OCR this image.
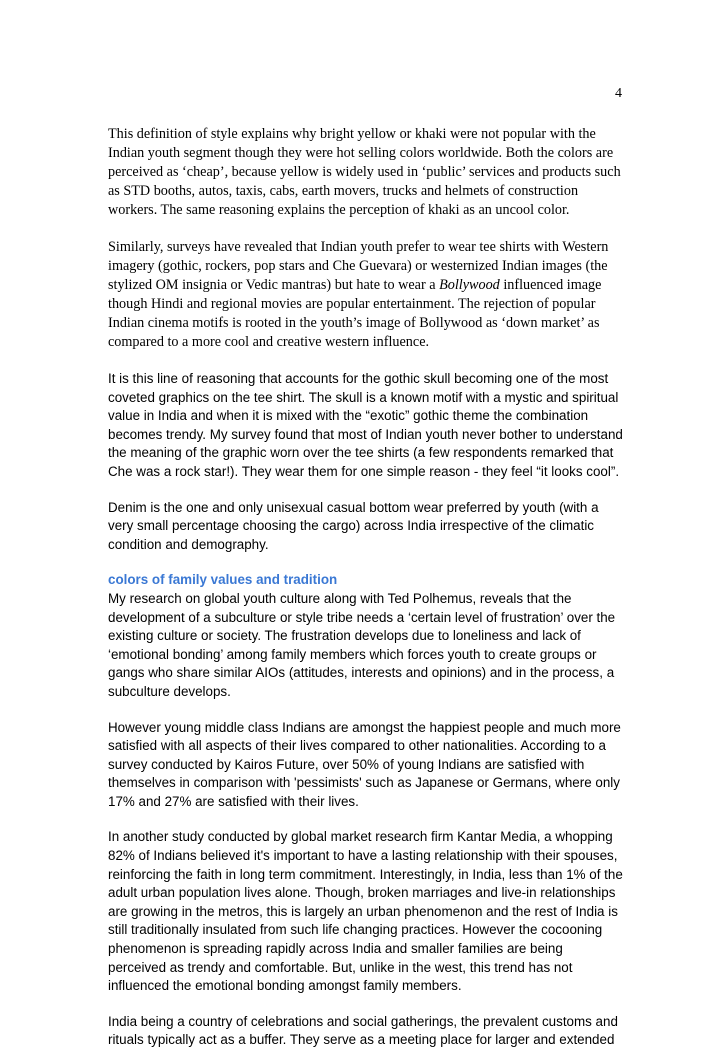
4

This definition of style explains why bright yellow or khaki were not popular with the Indian youth segment though they were hot selling colors worldwide. Both the colors are perceived as ‘cheap’, because yellow is widely used in ‘public’ services and products such as STD booths, autos, taxis, cabs, earth movers, trucks and helmets of construction workers. The same reasoning explains the perception of khaki as an uncool color.

Similarly, surveys have revealed that Indian youth prefer to wear tee shirts with Western imagery (gothic, rockers, pop stars and Che Guevara) or westernized Indian images (the stylized OM insignia or Vedic mantras) but hate to wear a Bollywood influenced image though Hindi and regional movies are popular entertainment. The rejection of popular Indian cinema motifs is rooted in the youth’s image of Bollywood as ‘down market’ as compared to a more cool and creative western influence.

It is this line of reasoning that accounts for the gothic skull becoming one of the most coveted graphics on the tee shirt. The skull is a known motif with a mystic and spiritual value in India and when it is mixed with the “exotic” gothic theme the combination becomes trendy. My survey found that most of Indian youth never bother to understand the meaning of the graphic worn over the tee shirts (a few respondents remarked that Che was a rock star!). They wear them for one simple reason - they feel “it looks cool”.

Denim is the one and only unisexual casual bottom wear preferred by youth (with a very small percentage choosing the cargo) across India irrespective of the climatic condition and demography.

colors of family values and tradition

My research on global youth culture along with Ted Polhemus, reveals that the development of a subculture or style tribe needs a ‘certain level of frustration’ over the existing culture or society. The frustration develops due to loneliness and lack of ‘emotional bonding’ among family members which forces youth to create groups or gangs who share similar AIOs (attitudes, interests and opinions) and in the process, a subculture develops.

However young middle class Indians are amongst the happiest people and much more satisfied with all aspects of their lives compared to other nationalities. According to a survey conducted by Kairos Future, over 50% of young Indians are satisfied with themselves in comparison with 'pessimists' such as Japanese or Germans, where only 17% and 27% are satisfied with their lives.

In another study conducted by global market research firm Kantar Media, a whopping 82% of Indians believed it's important to have a lasting relationship with their spouses, reinforcing the faith in long term commitment. Interestingly, in India, less than 1% of the adult urban population lives alone. Though, broken marriages and live-in relationships are growing in the metros, this is largely an urban phenomenon and the rest of India is still traditionally insulated from such life changing practices. However the cocooning phenomenon is spreading rapidly across India and smaller families are being perceived as trendy and comfortable. But, unlike in the west, this trend has not influenced the emotional bonding amongst family members.

India being a country of celebrations and social gatherings, the prevalent customs and rituals typically act as a buffer. They serve as a meeting place for larger and extended
